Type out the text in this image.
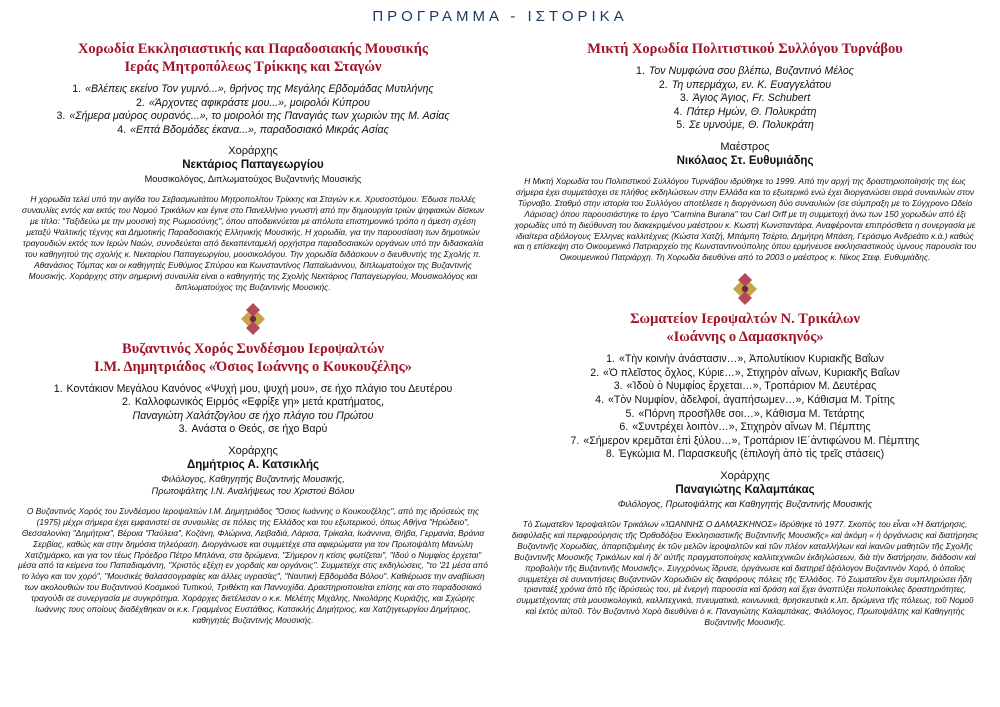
ΠΡΟΓΡΑΜΜΑ - ΙΣΤΟΡΙΚΑ
Χορωδία Εκκλησιαστικής και Παραδοσιακής Μουσικής
Ιεράς Μητροπόλεως Τρίκκης και Σταγών
1. «Βλέπεις εκείνο Τον γυμνό...», θρήνος της Μεγάλης Εβδομάδας Μυτιλήνης
2. «Άρχοντες αφικράστε μου...», μοιρολόι Κύπρου
3. «Σήμερα μαύρος ουρανός...», το μοιρολόι της Παναγιάς των χωριών της Μ. Ασίας
4. «Επτά Βδομάδες έκανα...», παραδοσιακό Μικράς Ασίας
Χοράρχης
Νεκτάριος Παπαγεωργίου
Μουσικολόγος, Διπλωματούχος Βυζαντινής Μουσικής
Η χορωδία τελεί υπό την αιγίδα του Σεβασμιωτάτου Μητροπολίτου Τρίκκης και Σταγών κ.κ. Χρυσοστόμου. Έδωσε πολλές συναυλίες εντός και εκτός του Νομού Τρικάλων και έγινε στο Πανελλήνιο γνωστή από την δημιουργία τριών ψηφιακών δίσκων με τίτλο: "Ταξιδεύω με την μουσική της Ρωμιοσύνης", όπου αποδεικνύεται με απόλυτα επιστημονικό τρόπο η άμεση σχέση μεταξύ Ψαλτικής τέχνης και Δημοτικής Παραδοσιακής Ελληνικής Μουσικής. Η χορωδία, για την παρουσίαση των δημοτικών τραγουδιών εκτός των Ιερών Ναών, συνοδεύεται από δεκαπενταμελή ορχήστρα παραδοσιακών οργάνων υπό την διδασκαλία του καθηγητού της σχολής κ. Νεκταρίου Παπαγεωργίου, μουσικολόγου. Την χορωδία διδάσκουν ο διευθυντής της Σχολής π. Αθανάσιος Τόμπας και οι καθηγητές Ευθύμιος Σπύρου και Κωνσταντίνος Παπαϊωάννου, διπλωματούχοι της Βυζαντινής Μουσικής. Χοράρχης στην σημερινή συναυλία είναι ο καθηγητής της Σχολής Νεκτάριος Παπαγεωργίου, Μουσικολόγος και διπλωματούχος της Βυζαντινής Μουσικής.
Βυζαντινός Χορός Συνδέσμου Ιεροψαλτών
Ι.Μ. Δημητριάδος «Όσιος Ιωάννης ο Κουκουζέλης»
1. Κοντάκιον Μεγάλου Κανόνος «Ψυχή μου, ψυχή μου», σε ήχο πλάγιο του Δευτέρου
2. Καλλοφωνικός Ειρμός «Εφρίξε γη» μετά κρατήματος,
Παναγιώτη Χαλάτζογλου σε ήχο πλάγιο του Πρώτου
3. Ανάστα ο Θεός, σε ήχο Βαρύ
Χοράρχης
Δημήτριος Α. Κατσικλής
Φιλόλογος, Καθηγητής Βυζαντινής Μουσικής,
Πρωτοψάλτης Ι.Ν. Αναλήψεως του Χριστού Βόλου
Ο Βυζαντινός Χορός του Συνδέσμου Ιεροψαλτών Ι.Μ. Δημητριάδος "Όσιος Ιωάννης ο Κουκουζέλης", από της ιδρύσεώς της (1975) μέχρι σήμερα έχει εμφανιστεί σε συναυλίες σε πόλεις της Ελλάδος και του εξωτερικού, όπως Αθήνα "Ηρώδειο", Θεσσαλονίκη "Δημήτρια", Βέροια "Παύλεια", Κοζάνη, Φλώρινα, Λειβαδιά, Λάρισα, Τρίκαλα, Ιωάννινα, Θήβα, Γερμανία, Βράνια Σερβίας, καθώς και στην δημόσια τηλεόραση. Διοργάνωσε και συμμετέχε στα αφιερώματα για τον Πρωτοψάλτη Μανώλη Χατζημάρκο, και για τον τέως Πρόεδρο Πέτρο Μπλάνα, στα δρώμενα, "Σήμερον η κτίσις φωτίζεται", "Ιδού ο Νυμφίος έρχεται" μέσα από τα κείμενα του Παπαδιαμάντη, "Χριστός εξέχη εν χορδαίς και οργάνοις". Συμμετείχε στις εκδηλώσεις, "το '21 μέσα από το λόγο και τον χορό", "Μουσικές θαλασσογραφίες και άλλες υγρασίες", "Ναυτική Εβδομάδα Βόλου". Καθιέρωσε την αναβίωση των ακολουθιών του Βυζαντινού Κοσμικού Τυπικού, Τριθέκτη και Παννυχίδα. Δραστηριοποιείται επίσης και στο παραδοσιακό τραγούδι σε συνεργασία με συγκρότημα. Χοράρχες διετέλεσαν ο κ.κ. Μελέτης Μιχάλης, Νικολάρης Κυριάζης, και Σχώρης Ιωάννης τους οποίους διαδέχθηκαν οι κ.κ. Γραμμένος Ευστάθιος, Κατσικλής Δημήτριος, και Χατζηγεωργίου Δημήτριος, καθηγητές Βυζαντινής Μουσικής.
Μικτή Χορωδία Πολιτιστικού Συλλόγου Τυρνάβου
1. Τον Νυμφώνα σου βλέπω, Βυζαντινό Μέλος
2. Τη υπερμάχω, εν. Κ. Ευαγγελάτου
3. Άγιος Άγιος, Fr. Schubert
4. Πάτερ Ημών, Θ. Πολυκράτη
5. Σε υμνούμε, Θ. Πολυκράτη
Μαέστρος
Νικόλαος Στ. Ευθυμιάδης
Η Μικτή Χορωδία του Πολιτιστικού Συλλόγου Τυρνάβου ιδρύθηκε το 1999. Από την αρχή της δραστηριοποίησής της έως σήμερα έχει συμμετάσχει σε πλήθος εκδηλώσεων στην Ελλάδα και το εξωτερικό ενώ έχει διοργανώσει σειρά συναυλιών στον Τύρναβο. Σταθμό στην ιστορία του Συλλόγου αποτέλεσε η διοργάνωση δύο συναυλιών (σε σύμπραξη με το Σύγχρονο Ωδείο Λάρισας) όπου παρουσιάστηκε το έργο "Carmina Burana" του Carl Orff με τη συμμετοχή άνω των 150 χορωδών από έξι χορωδίες υπό τη διεύθυνση του διακεκριμένου μαέστρου κ. Κωστή Κωνσταντάρα. Αναφέρονται επιπρόσθετα η συνεργασία με ιδιαίτερα αξιόλογους Έλληνες καλλιτέχνες (Κώστα Χατζή, Μπάμπη Τσέρτο, Δημήτρη Μπάση, Γεράσιμο Ανδρεάτο κ.ά.) καθώς και η επίσκεψη στο Οικουμενικό Πατριαρχείο της Κωνσταντινούπολης όπου ερμήνευσε εκκλησιαστικούς ύμνους παρουσία του Οικουμενικού Πατριάρχη. Τη Χορωδία διευθύνει από το 2003 ο μαέστρος κ. Νίκος Στεφ. Ευθυμιάδης.
Σωματείον Ιεροψαλτών Ν. Τρικάλων
«Ιωάννης ο Δαμασκηνός»
1. «Τὴν κοινὴν ἀνάστασιν…», Ἀπολυτίκιον Κυριακῆς Βαΐων
2. «Ὁ πλεῖστος ὄχλος, Κύριε…», Στιχηρὸν αἴνων, Κυριακῆς Βαΐων
3. «Ἰδοὺ ὁ Νυμφίος ἔρχεται…», Τροπάριον Μ. Δευτέρας
4. «Τὸν Νυμφίον, ἀδελφοί, ἀγαπήσωμεν…», Κάθισμα Μ. Τρίτης
5. «Πόρνη προσῆλθε σοι…», Κάθισμα Μ. Τετάρτης
6. «Συντρέχει λοιπὸν…», Στιχηρὸν αἴνων Μ. Πέμπτης
7. «Σήμερον κρεμᾶται ἐπὶ ξύλου…», Τροπάριον ΙΕ΄ἀντιφώνου Μ. Πέμπτης
8. Ἐγκώμια Μ. Παρασκευῆς (ἐπιλογὴ ἀπὸ τὶς τρεῖς στάσεις)
Χοράρχης
Παναγιώτης Καλαμπάκας
Φιλόλογος, Πρωτοψάλτης και Καθηγητής Βυζαντινής Μουσικής
Τὸ Σωματεῖον Ἱεροψαλτῶν Τρικάλων «ἸΩΑΝΝΗΣ Ο ΔΑΜΑΣΚΗΝΟΣ» ἱδρύθηκε τὸ 1977. Σκοπὸς του εἶναι «Ἡ διατήρησις, διαφύλαξις καὶ περιφρούρησις τῆς Ὀρθοδόξου Ἐκκλησιαστικῆς Βυζαντινῆς Μουσικῆς» καὶ ἀκόμη « ἡ ὀργάνωσις καὶ διατήρησις Βυζαντινῆς Χορωδίας, ἀπαρτιζομένης ἐκ τῶν μελῶν ἱεροψαλτῶν καὶ τῶν πλέον καταλλήλων καὶ ἱκανῶν μαθητῶν τῆς Σχολῆς Βυζαντινῆς Μουσικῆς Τρικάλων καὶ ἡ δι' αὐτῆς πραγματοποίησις καλλιτεχνικῶν ἐκδηλώσεων, διὰ τὴν διατήρησιν, διάδοσιν καὶ προβολὴν τῆς Βυζαντινῆς Μουσικῆς». Συγχρόνως ἵδρυσε, ὀργάνωσε καὶ διατηρεῖ ἀξιόλογον Βυζαντινὸν Χορό, ὁ ὁποῖος συμμετέχει σὲ συναντήσεις Βυζαντινῶν Χορωδιῶν εἰς διαφόρους πόλεις τῆς Ἑλλάδος. Τὸ Σωματεῖον ἔχει συμπληρώσει ἤδη τριανταέξ χρόνια ἀπὸ τῆς ἱδρύσεώς του, μὲ ἐνεργὴ παρουσία καὶ δράση καὶ ἔχει ἀναπτύξει πολυποίκιλες δραστηριότητες, συμμετέχοντας στὰ μουσικολογικά, καλλιτεχνικά, πνευματικά, κοινωνικά, θρησκευτικὰ κ.λπ. δρώμενα τῆς πόλεως, τοῦ Νομοῦ καὶ ἐκτὸς αὐτοῦ. Τὸν Βυζαντινὸ Χορὸ διευθύνει ὁ κ. Παναγιώτης Καλαμπάκας, Φιλόλογος, Πρωτοψάλτης καὶ Καθηγητὴς Βυζαντινῆς Μουσικῆς.
